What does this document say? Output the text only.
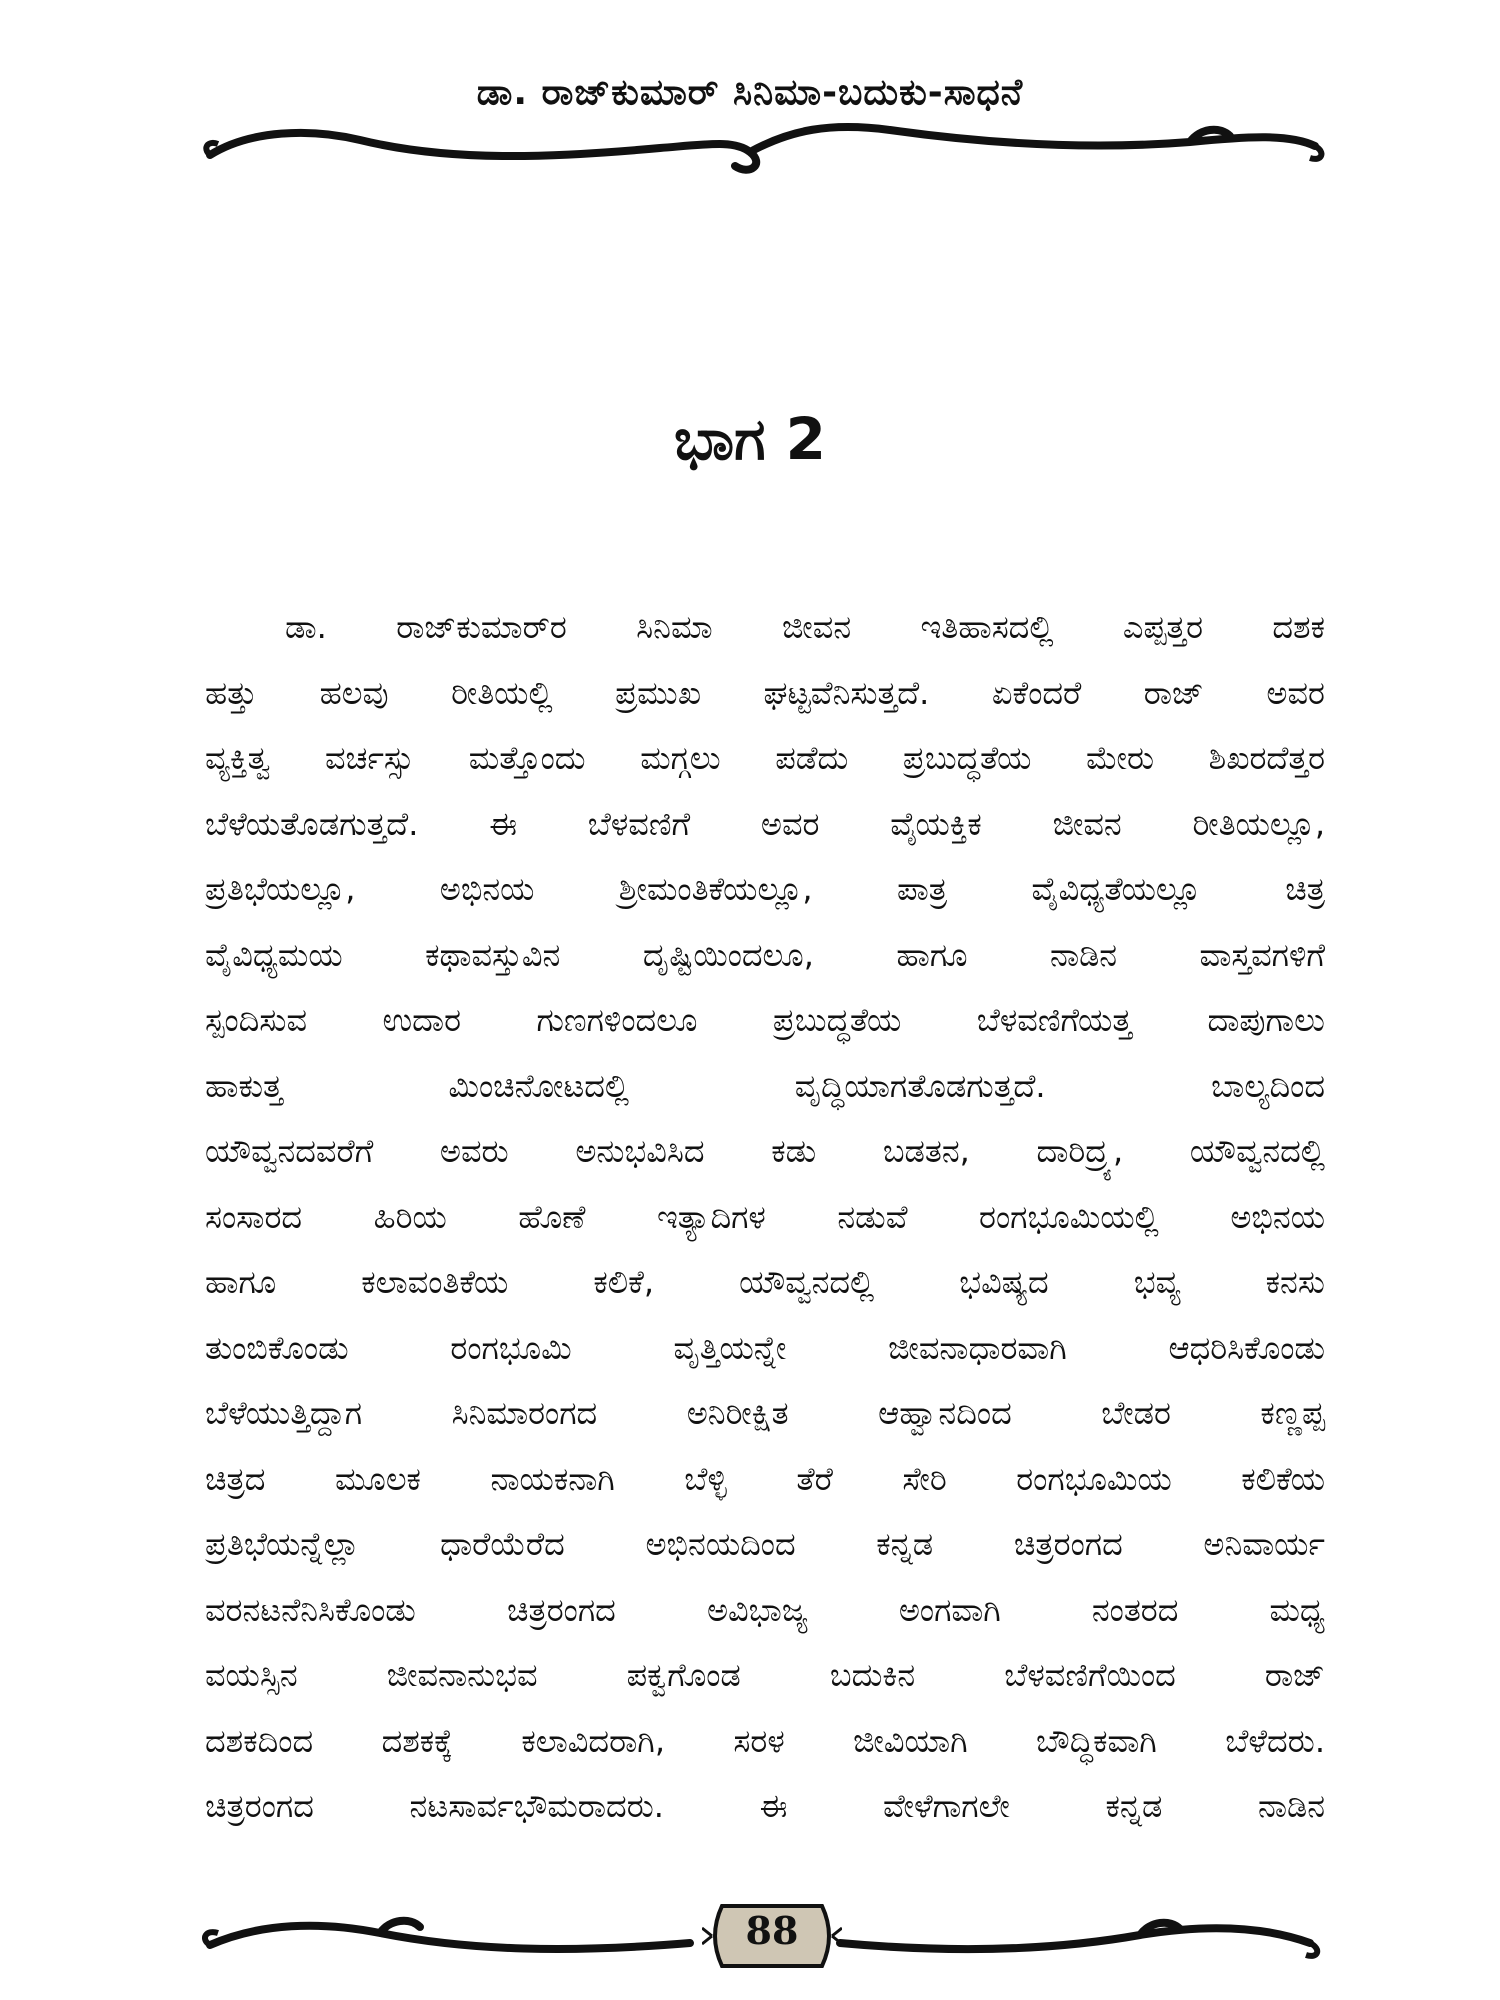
ಡಾ. ರಾಜ್‌ಕುಮಾರ್ ಸಿನಿಮಾ-ಬದುಕು-ಸಾಧನೆ
ಭಾಗ 2
ಡಾ. ರಾಜ್‌ಕುಮಾರ್‌ರ ಸಿನಿಮಾ ಜೀವನ ಇತಿಹಾಸದಲ್ಲಿ ಎಪ್ಪತ್ತರ ದಶಕ
ಹತ್ತು ಹಲವು ರೀತಿಯಲ್ಲಿ ಪ್ರಮುಖ ಘಟ್ಟವೆನಿಸುತ್ತದೆ. ಏಕೆಂದರೆ ರಾಜ್ ಅವರ
ವ್ಯಕ್ತಿತ್ವ ವರ್ಚಸ್ಸು ಮತ್ತೊಂದು ಮಗ್ಗಲು ಪಡೆದು ಪ್ರಬುದ್ಧತೆಯ ಮೇರು ಶಿಖರದೆತ್ತರ
ಬೆಳೆಯತೊಡಗುತ್ತದೆ. ಈ ಬೆಳವಣಿಗೆ ಅವರ ವೈಯಕ್ತಿಕ ಜೀವನ ರೀತಿಯಲ್ಲೂ,
ಪ್ರತಿಭೆಯಲ್ಲೂ, ಅಭಿನಯ ಶ್ರೀಮಂತಿಕೆಯಲ್ಲೂ, ಪಾತ್ರ ವೈವಿಧ್ಯತೆಯಲ್ಲೂ ಚಿತ್ರ
ವೈವಿಧ್ಯಮಯ ಕಥಾವಸ್ತುವಿನ ದೃಷ್ಟಿಯಿಂದಲೂ, ಹಾಗೂ ನಾಡಿನ ವಾಸ್ತವಗಳಿಗೆ
ಸ್ಪಂದಿಸುವ ಉದಾರ ಗುಣಗಳಿಂದಲೂ ಪ್ರಬುದ್ಧತೆಯ ಬೆಳವಣಿಗೆಯತ್ತ ದಾಪುಗಾಲು
ಹಾಕುತ್ತ ಮಿಂಚಿನೋಟದಲ್ಲಿ ವೃದ್ಧಿಯಾಗತೊಡಗುತ್ತದೆ. ಬಾಲ್ಯದಿಂದ
ಯೌವ್ವನದವರೆಗೆ ಅವರು ಅನುಭವಿಸಿದ ಕಡು ಬಡತನ, ದಾರಿದ್ರ್ಯ, ಯೌವ್ವನದಲ್ಲಿ
ಸಂಸಾರದ ಹಿರಿಯ ಹೊಣೆ ಇತ್ಯಾದಿಗಳ ನಡುವೆ ರಂಗಭೂಮಿಯಲ್ಲಿ ಅಭಿನಯ
ಹಾಗೂ ಕಲಾವಂತಿಕೆಯ ಕಲಿಕೆ, ಯೌವ್ವನದಲ್ಲಿ ಭವಿಷ್ಯದ ಭವ್ಯ ಕನಸು
ತುಂಬಿಕೊಂಡು ರಂಗಭೂಮಿ ವೃತ್ತಿಯನ್ನೇ ಜೀವನಾಧಾರವಾಗಿ ಆಧರಿಸಿಕೊಂಡು
ಬೆಳೆಯುತ್ತಿದ್ದಾಗ ಸಿನಿಮಾರಂಗದ ಅನಿರೀಕ್ಷಿತ ಆಹ್ವಾನದಿಂದ ಬೇಡರ ಕಣ್ಣಪ್ಪ
ಚಿತ್ರದ ಮೂಲಕ ನಾಯಕನಾಗಿ ಬೆಳ್ಳಿ ತೆರೆ ಸೇರಿ ರಂಗಭೂಮಿಯ ಕಲಿಕೆಯ
ಪ್ರತಿಭೆಯನ್ನೆಲ್ಲಾ ಧಾರೆಯೆರೆದ ಅಭಿನಯದಿಂದ ಕನ್ನಡ ಚಿತ್ರರಂಗದ ಅನಿವಾರ್ಯ
ವರನಟನೆನಿಸಿಕೊಂಡು ಚಿತ್ರರಂಗದ ಅವಿಭಾಜ್ಯ ಅಂಗವಾಗಿ ನಂತರದ ಮಧ್ಯ
ವಯಸ್ಸಿನ ಜೀವನಾನುಭವ ಪಕ್ವಗೊಂಡ ಬದುಕಿನ ಬೆಳವಣಿಗೆಯಿಂದ ರಾಜ್
ದಶಕದಿಂದ ದಶಕಕ್ಕೆ ಕಲಾವಿದರಾಗಿ, ಸರಳ ಜೀವಿಯಾಗಿ ಬೌದ್ಧಿಕವಾಗಿ ಬೆಳೆದರು.
ಚಿತ್ರರಂಗದ ನಟಸಾರ್ವಭೌಮರಾದರು. ಈ ವೇಳೆಗಾಗಲೇ ಕನ್ನಡ ನಾಡಿನ
88
